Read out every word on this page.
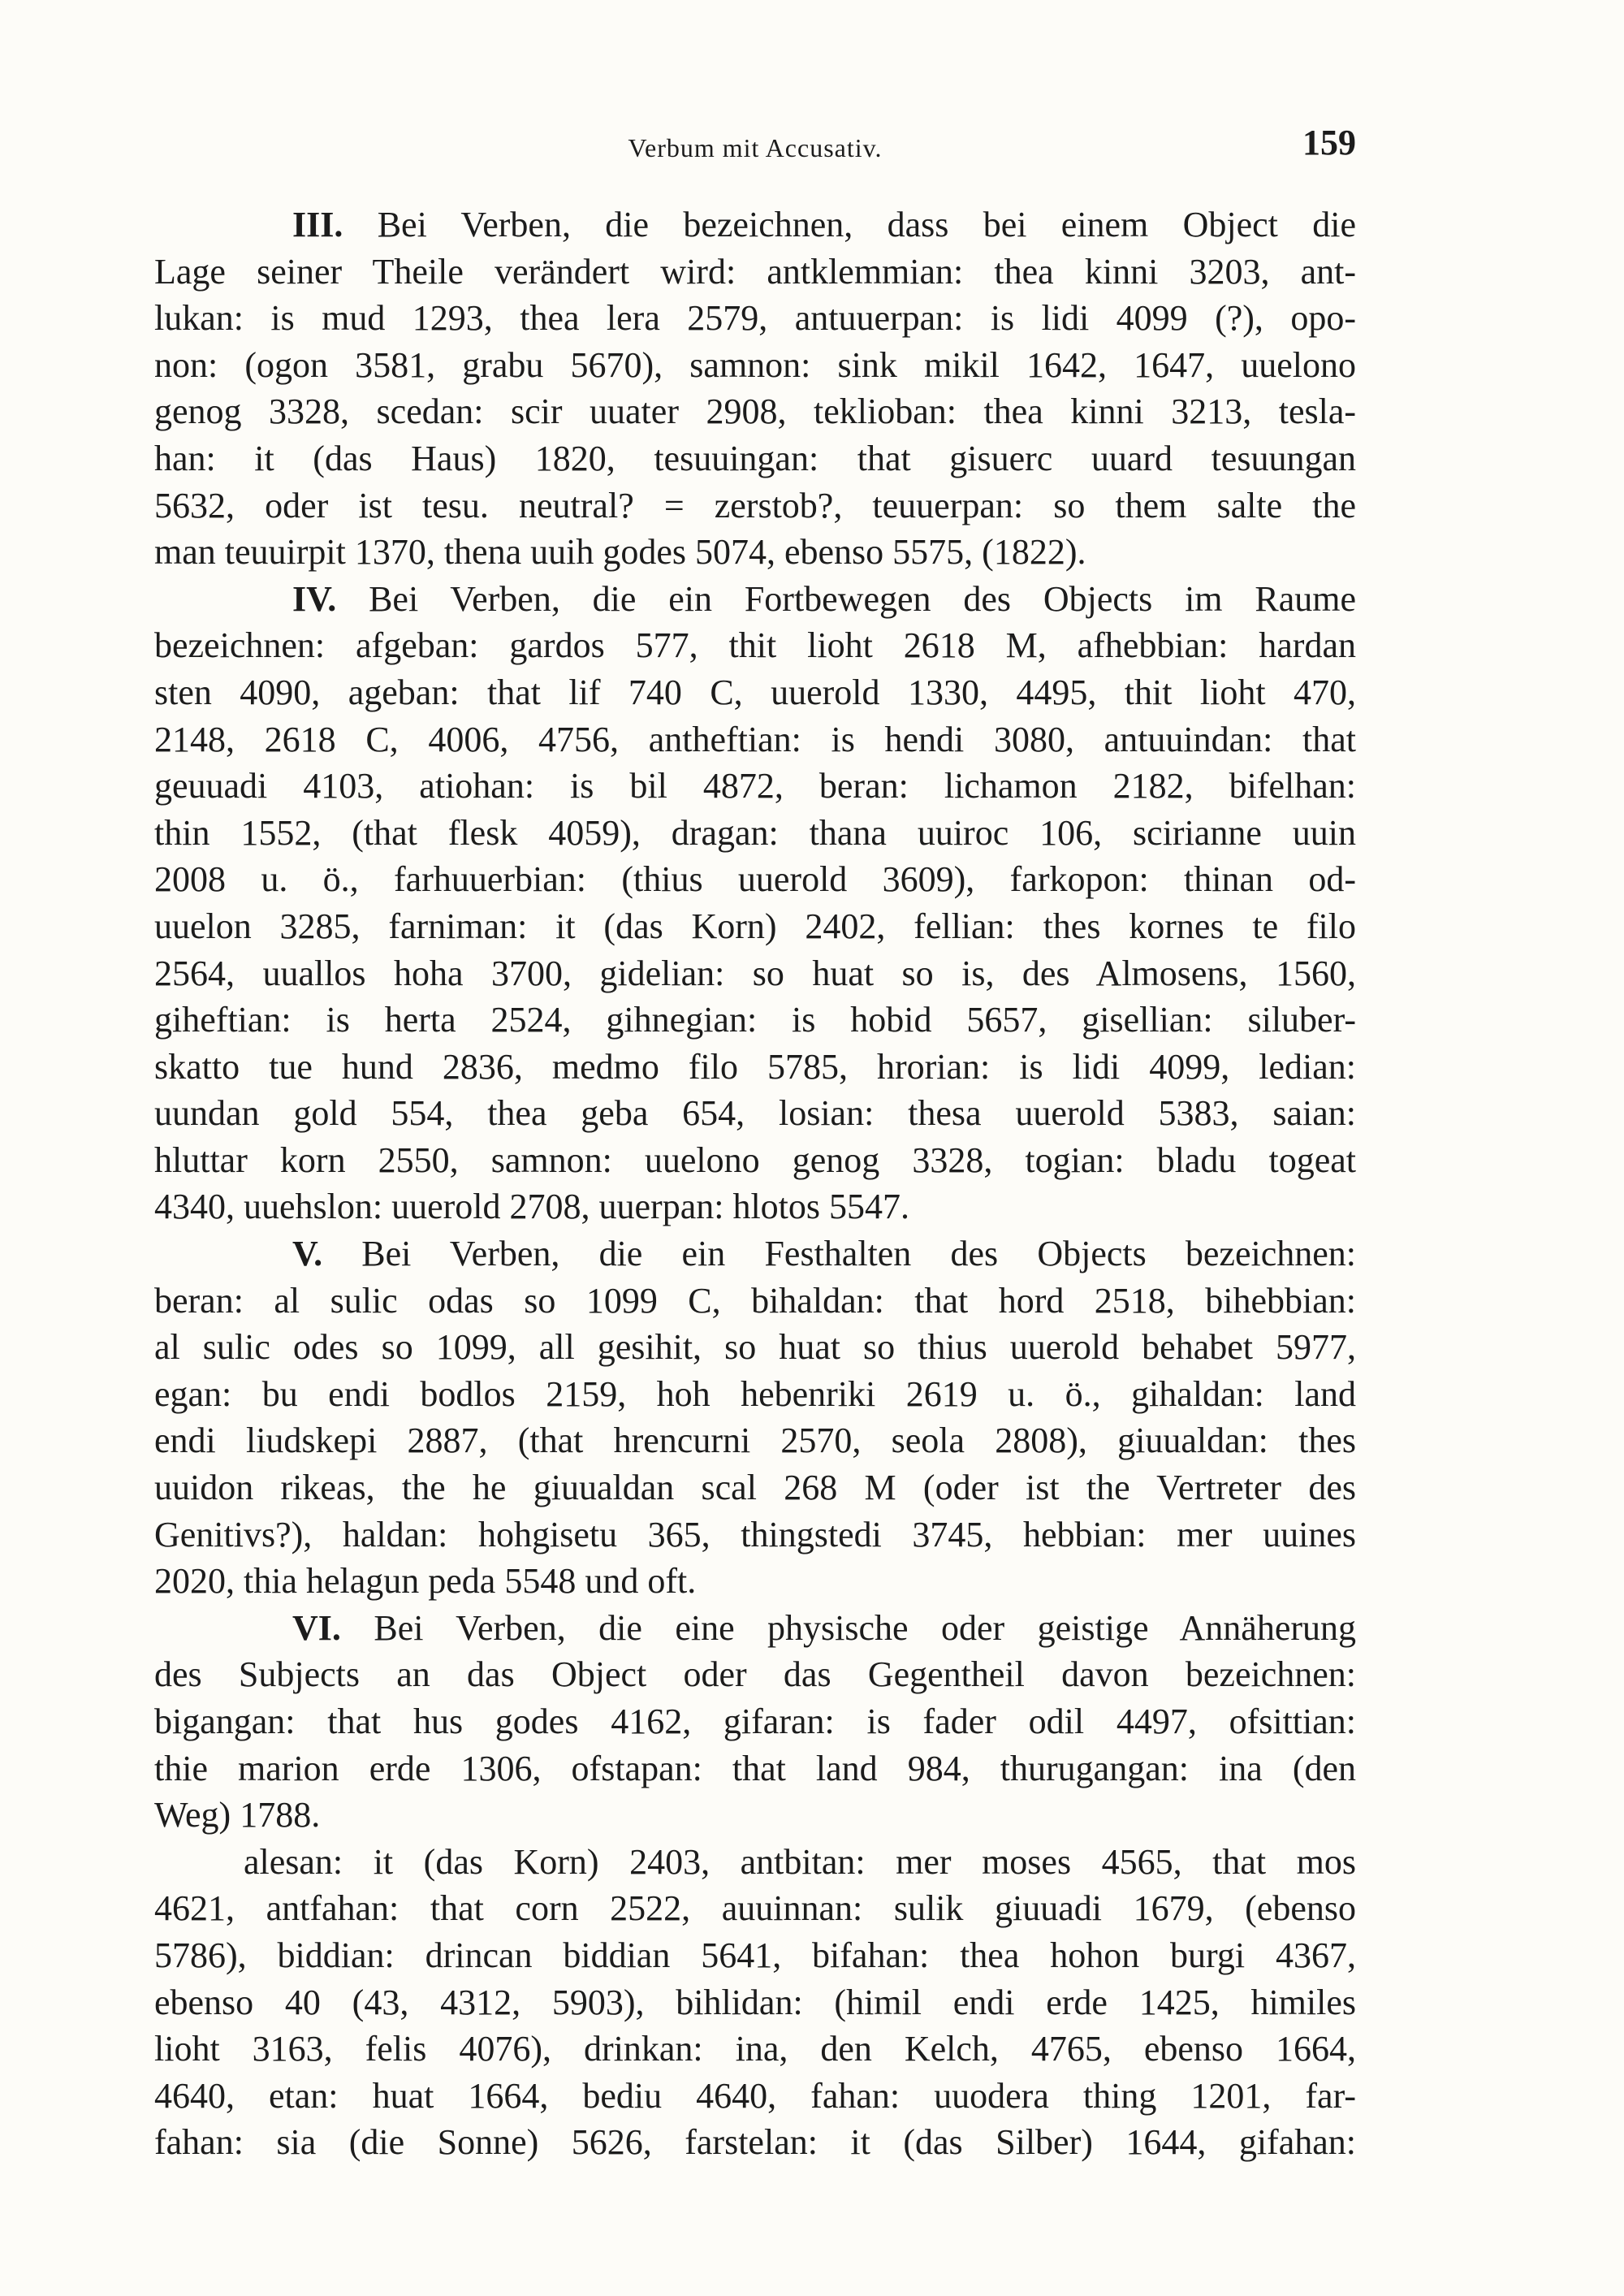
Verbum mit Accusativ.	159
III. Bei Verben, die bezeichnen, dass bei einem Object die
Lage seiner Theile verändert wird: antklemmian: thea kinni 3203, ant-
lukan: is mud 1293, thea lera 2579, antuuerpan: is lidi 4099 (?), opo-
non: (ogon 3581, grabu 5670), samnon: sink mikil 1642, 1647, uuelono
genog 3328, scedan: scir uuater 2908, teklioban: thea kinni 3213, tesla-
han: it (das Haus) 1820, tesuuingan: that gisuerc uuard tesuungan
5632, oder ist tesu. neutral? = zerstob?, teuuerpan: so them salte the
man teuuirpit 1370, thena uuih godes 5074, ebenso 5575, (1822).
IV. Bei Verben, die ein Fortbewegen des Objects im Raume
bezeichnen: afgeban: gardos 577, thit lioht 2618 M, afhebbian: hardan
sten 4090, ageban: that lif 740 C, uuerold 1330, 4495, thit lioht 470,
2148, 2618 C, 4006, 4756, antheftian: is hendi 3080, antuuindan: that
geuuadi 4103, atiohan: is bil 4872, beran: lichamon 2182, bifelhan:
thin 1552, (that flesk 4059), dragan: thana uuiroc 106, scirianne uuin
2008 u. ö., farhuuerbian: (thius uuerold 3609), farkopon: thinan od-
uuelon 3285, farniman: it (das Korn) 2402, fellian: thes kornes te filo
2564, uuallos hoha 3700, gidelian: so huat so is, des Almosens, 1560,
giheftian: is herta 2524, gihnegian: is hobid 5657, gisellian: siluber-
skatto tue hund 2836, medmo filo 5785, hrorian: is lidi 4099, ledian:
uundan gold 554, thea geba 654, losian: thesa uuerold 5383, saian:
hluttar korn 2550, samnon: uuelono genog 3328, togian: bladu togeat
4340, uuehslon: uuerold 2708, uuerpan: hlotos 5547.
V. Bei Verben, die ein Festhalten des Objects bezeichnen:
beran: al sulic odas so 1099 C, bihaldan: that hord 2518, bihebbian:
al sulic odes so 1099, all gesihit, so huat so thius uuerold behabet 5977,
egan: bu endi bodlos 2159, hoh hebenriki 2619 u. ö., gihaldan: land
endi liudskepi 2887, (that hrencurni 2570, seola 2808), giuualdan: thes
uuidon rikeas, the he giuualdan scal 268 M (oder ist the Vertreter des
Genitivs?), haldan: hohgisetu 365, thingstedi 3745, hebbian: mer uuines
2020, thia helagun peda 5548 und oft.
VI. Bei Verben, die eine physische oder geistige Annäherung
des Subjects an das Object oder das Gegentheil davon bezeichnen:
bigangan: that hus godes 4162, gifaran: is fader odil 4497, ofsittian:
thie marion erde 1306, ofstapan: that land 984, thurugangan: ina (den
Weg) 1788.
alesan: it (das Korn) 2403, antbitan: mer moses 4565, that mos
4621, antfahan: that corn 2522, auuinnan: sulik giuuadi 1679, (ebenso
5786), biddian: drincan biddian 5641, bifahan: thea hohon burgi 4367,
ebenso 40 (43, 4312, 5903), bihlidan: (himil endi erde 1425, himiles
lioht 3163, felis 4076), drinkan: ina, den Kelch, 4765, ebenso 1664,
4640, etan: huat 1664, bediu 4640, fahan: uuodera thing 1201, far-
fahan: sia (die Sonne) 5626, farstelan: it (das Silber) 1644, gifahan:
